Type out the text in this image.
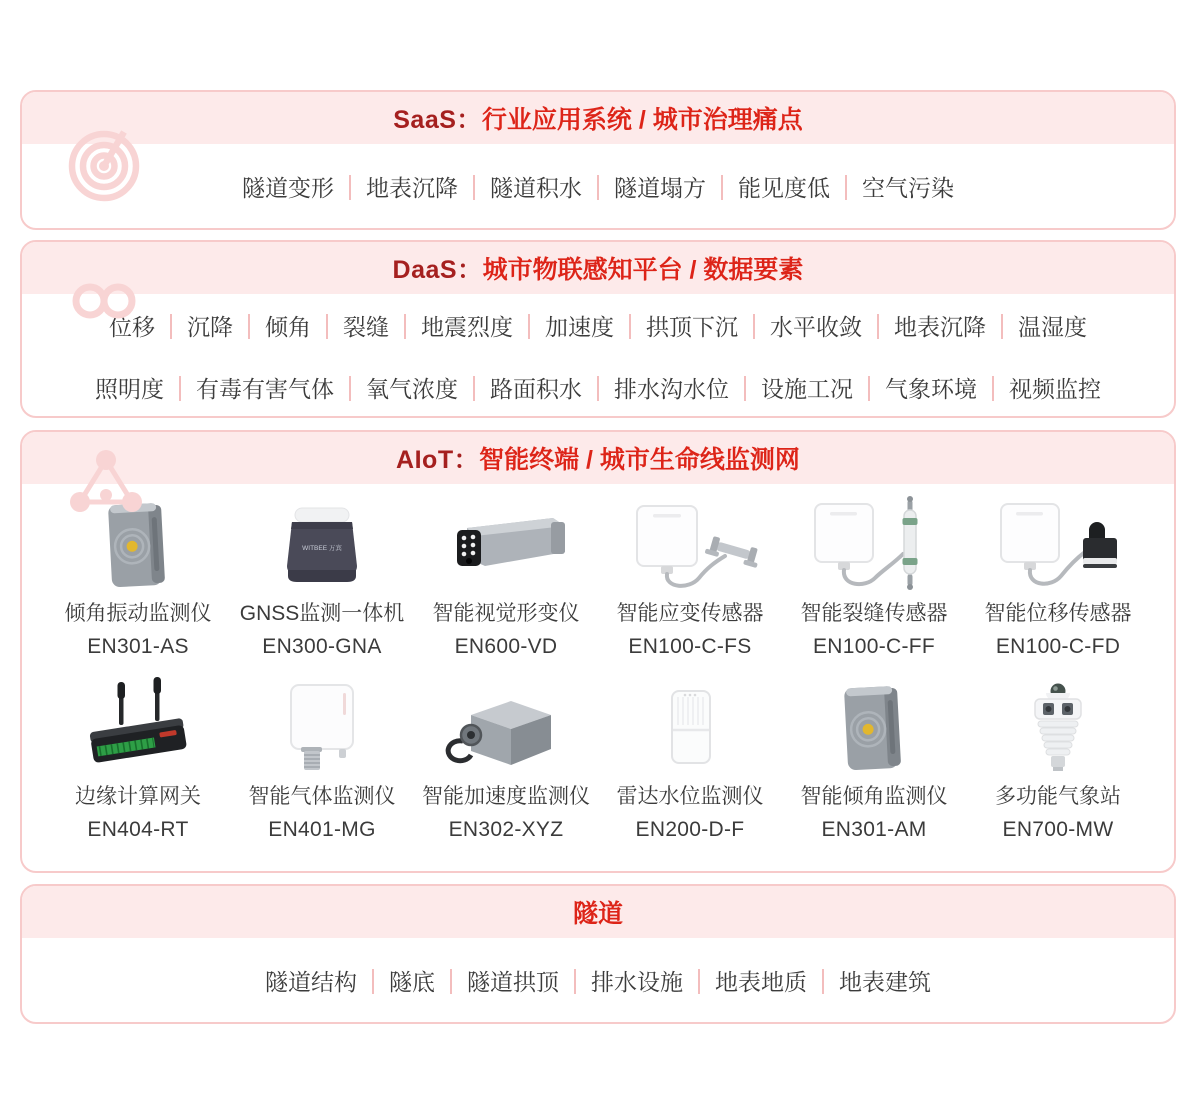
SaaS： 行业应用系统 / 城市治理痛点
隧道变形	地表沉降	隧道积水	隧道塌方	能见度低	空气污染
DaaS： 城市物联感知平台 / 数据要素
位移	沉降	倾角	裂缝	地震烈度	加速度	拱顶下沉	水平收敛	地表沉降	温湿度
照明度	有毒有害气体	氧气浓度	路面积水	排水沟水位	设施工况	气象环境	视频监控
AIoT： 智能终端 / 城市生命线监测网
倾角振动监测仪
EN301-AS
WITBEE 万宾
GNSS监测一体机
EN300-GNA
智能视觉形变仪
EN600-VD
智能应变传感器
EN100-C-FS
智能裂缝传感器
EN100-C-FF
智能位移传感器
EN100-C-FD
边缘计算网关
EN404-RT
智能气体监测仪
EN401-MG
智能加速度监测仪
EN302-XYZ
雷达水位监测仪
EN200-D-F
智能倾角监测仪
EN301-AM
多功能气象站
EN700-MW
隧道
隧道结构	隧底	隧道拱顶	排水设施	地表地质	地表建筑
